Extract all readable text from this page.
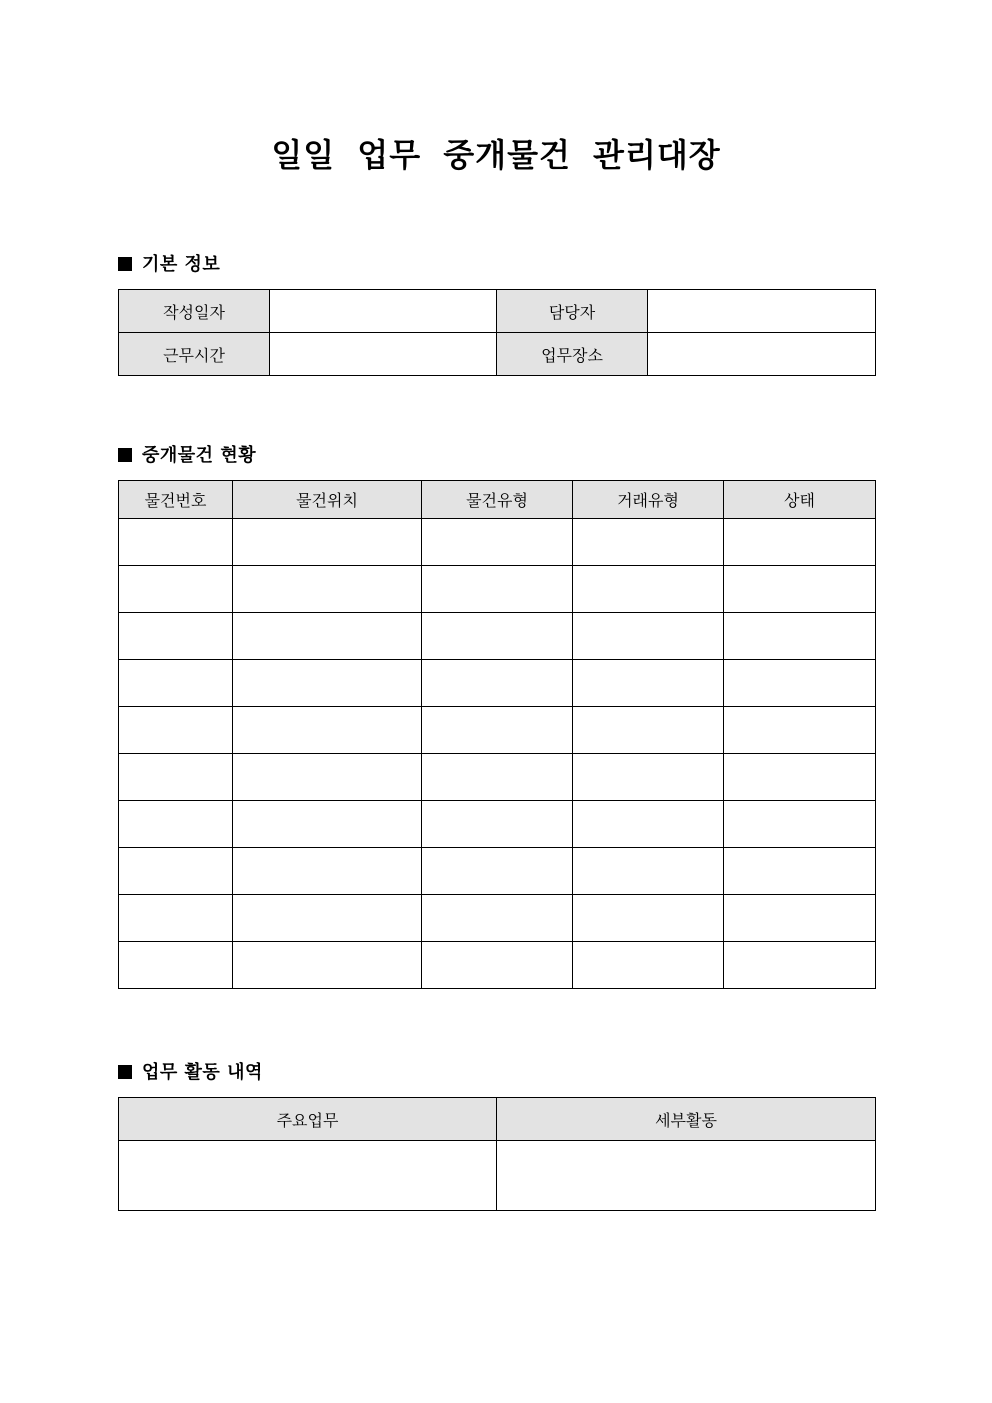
일일 업무 중개물건 관리대장
기본 정보
작성일자		담당자	
근무시간		업무장소	
중개물건 현황
물건번호	물건위치	물건유형	거래유형	상태

업무 활동 내역
주요업무	세부활동
